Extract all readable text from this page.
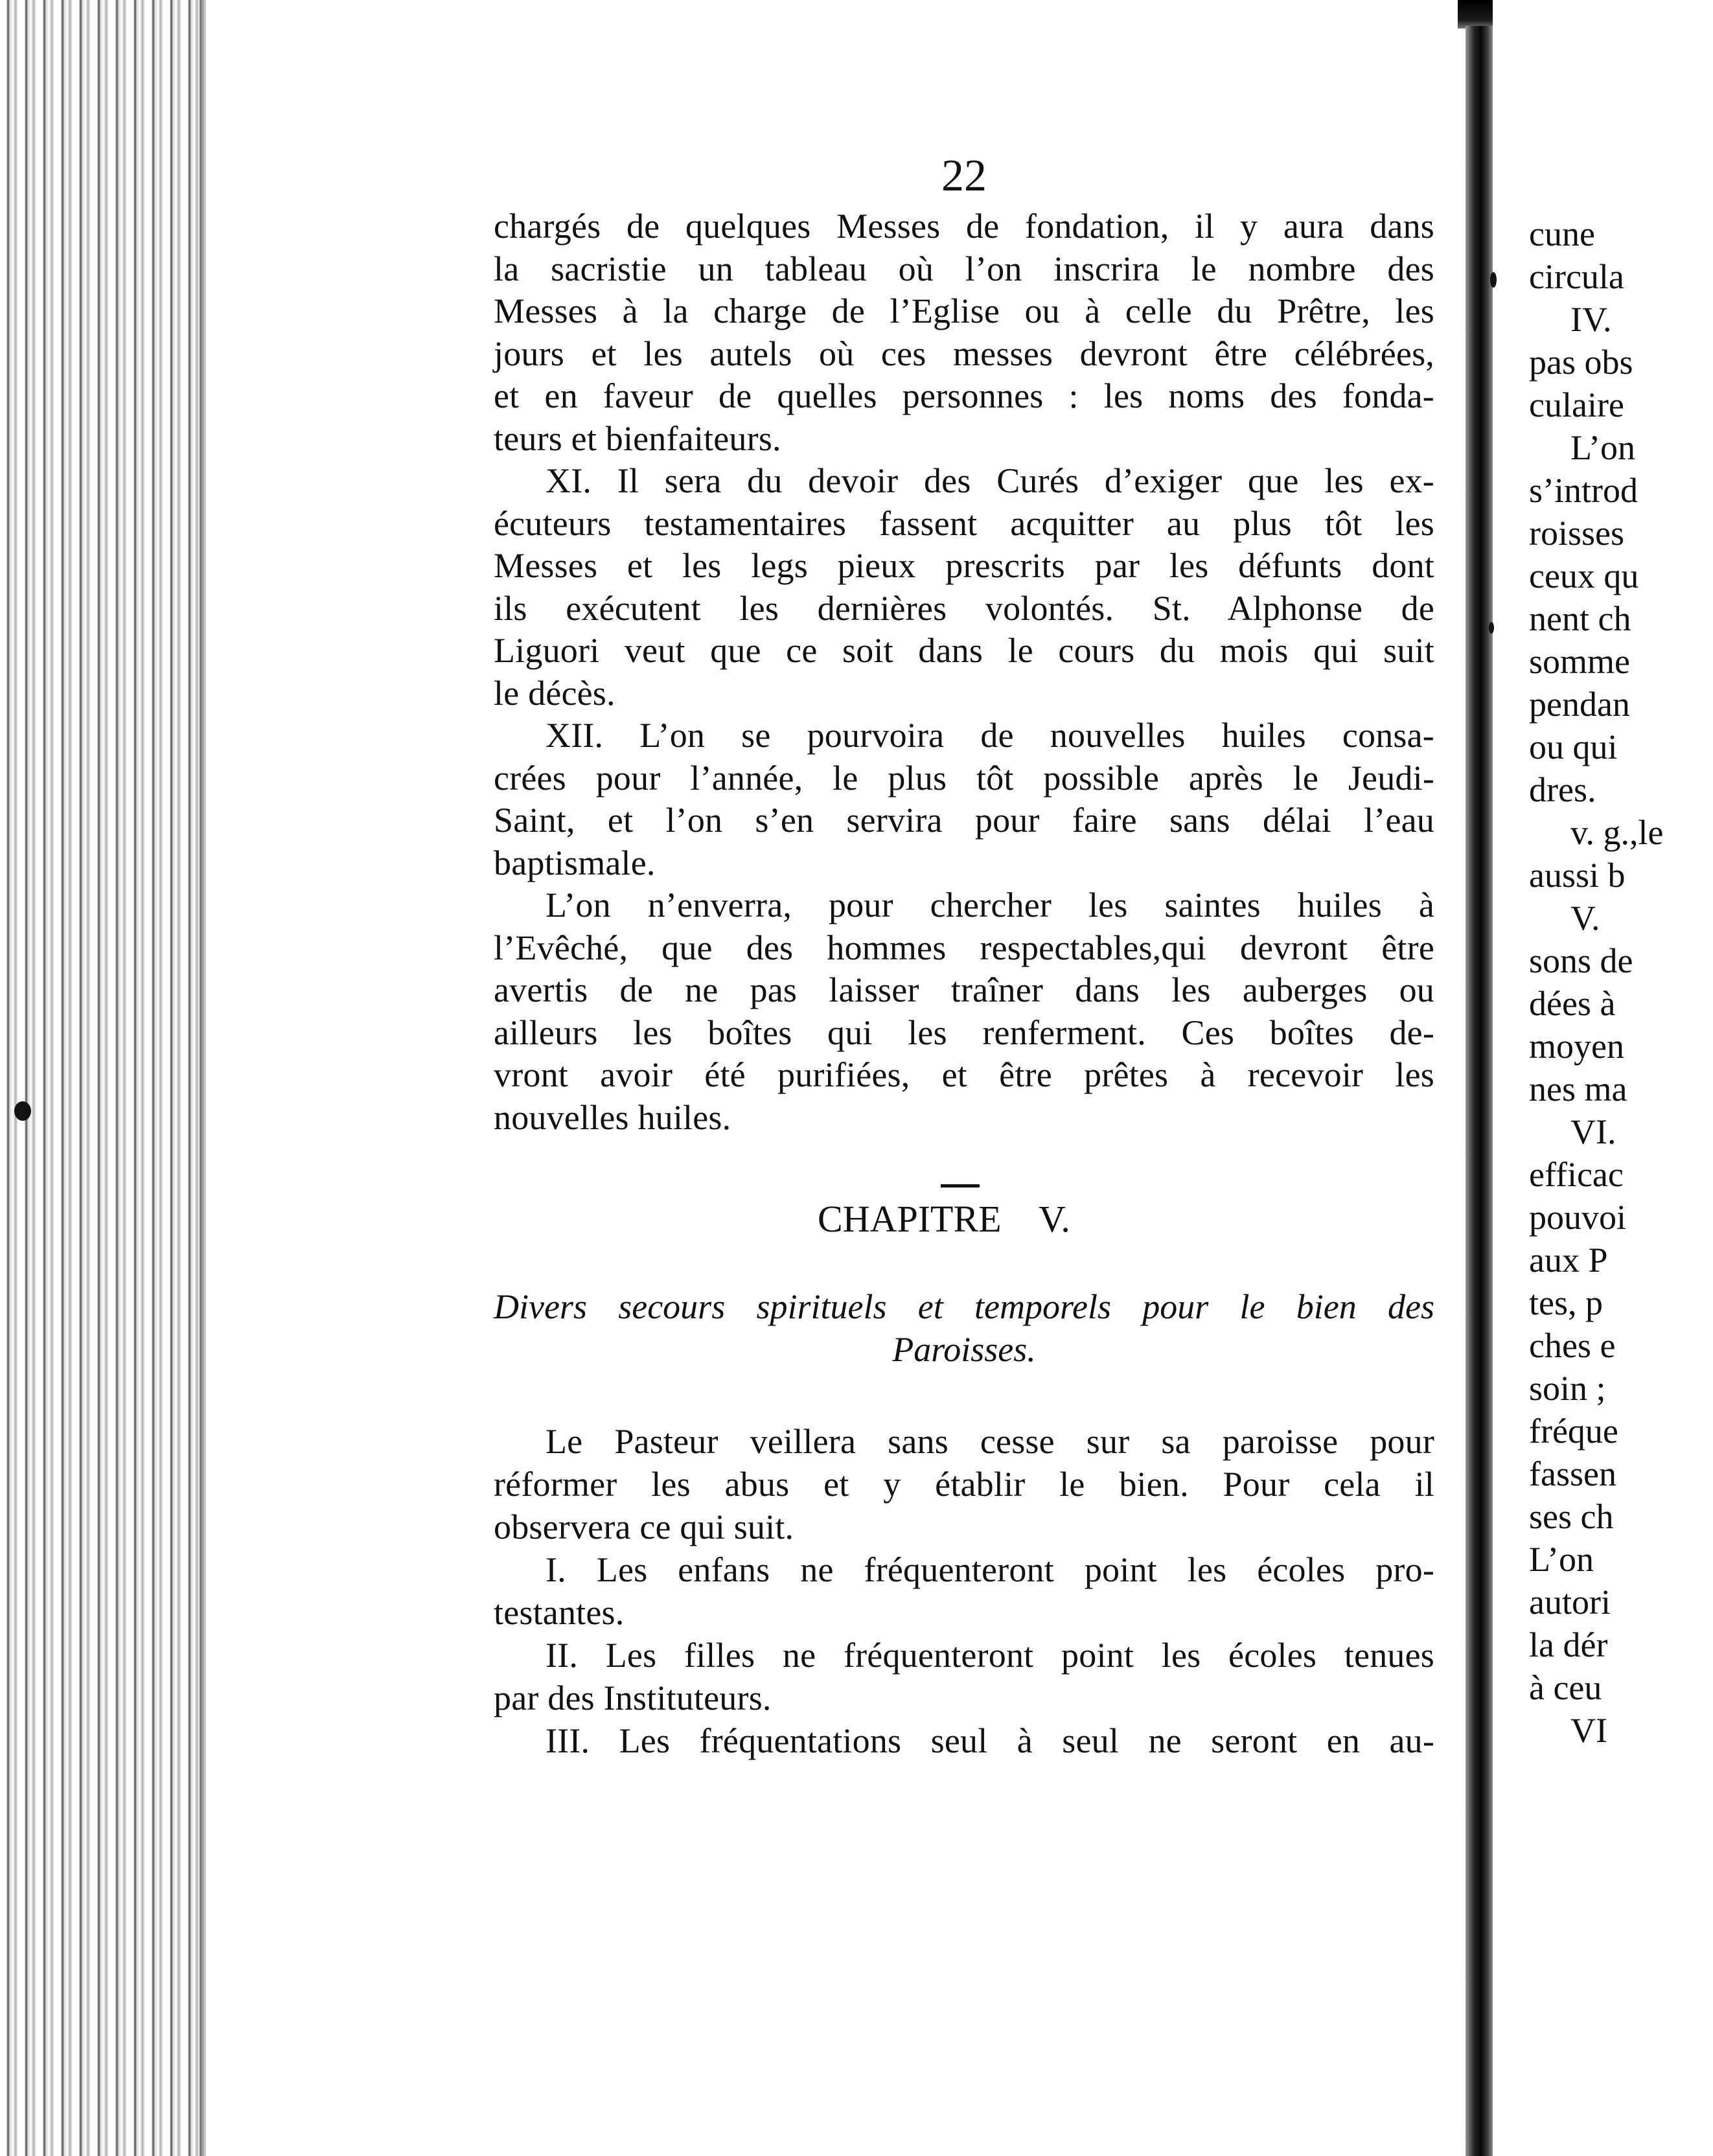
22
chargés de quelques Messes de fondation, il y aura dans
la sacristie un tableau où l’on inscrira le nombre des
Messes à la charge de l’Eglise ou à celle du Prêtre, les
jours et les autels où ces messes devront être célébrées,
et en faveur de quelles personnes : les noms des fonda-
teurs et bienfaiteurs.
XI. Il sera du devoir des Curés d’exiger que les ex-
écuteurs testamentaires fassent acquitter au plus tôt les
Messes et les legs pieux prescrits par les défunts dont
ils exécutent les dernières volontés. St. Alphonse de
Liguori veut que ce soit dans le cours du mois qui suit
le décès.
XII. L’on se pourvoira de nouvelles huiles consa-
crées pour l’année, le plus tôt possible après le Jeudi-
Saint, et l’on s’en servira pour faire sans délai l’eau
baptismale.
L’on n’enverra, pour chercher les saintes huiles à
l’Evêché, que des hommes respectables,qui devront être
avertis de ne pas laisser traîner dans les auberges ou
ailleurs les boîtes qui les renferment. Ces boîtes de-
vront avoir été purifiées, et être prêtes à recevoir les
nouvelles huiles.
CHAPITRE V.
Divers secours spirituels et temporels pour le bien des
Paroisses.
Le Pasteur veillera sans cesse sur sa paroisse pour
réformer les abus et y établir le bien. Pour cela il
observera ce qui suit.
I. Les enfans ne fréquenteront point les écoles pro-
testantes.
II. Les filles ne fréquenteront point les écoles tenues
par des Instituteurs.
III. Les fréquentations seul à seul ne seront en au-
cune
circula
IV.
pas obs
culaire
L’on
s’introd
roisses
ceux qu
nent ch
somme
pendan
ou qui
dres.
v. g.,le
aussi b
V.
sons de
dées à
moyen
nes ma
VI.
efficac
pouvoi
aux P
tes, p
ches e
soin ;
fréque
fassen
ses ch
L’on
autori
la dér
à ceu
VI
